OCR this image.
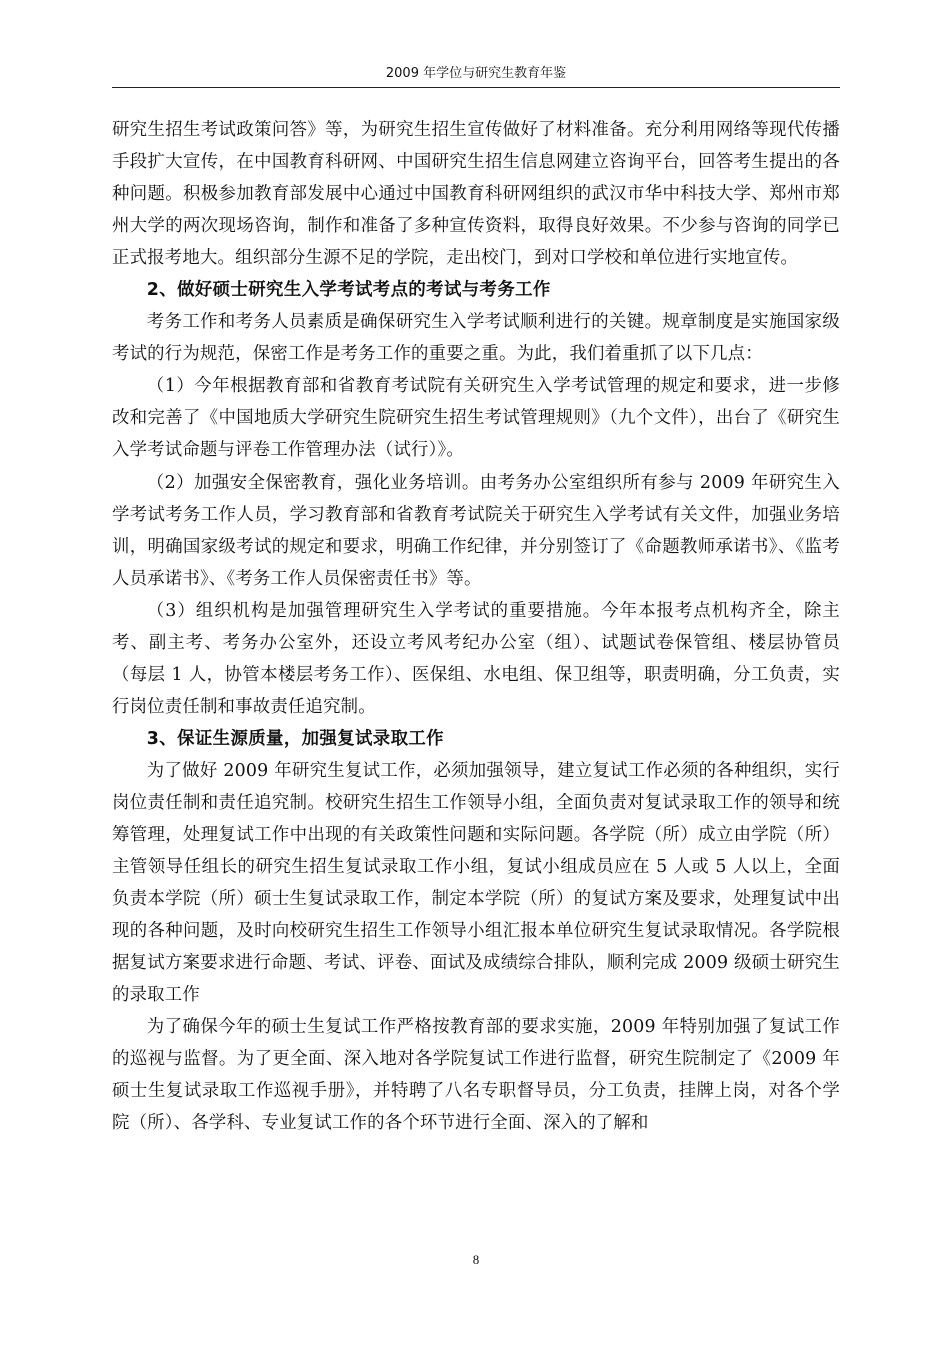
2009 年学位与研究生教育年鉴

研究生招生考试政策问答》等，为研究生招生宣传做好了材料准备。充分利用网络等现代传播手段扩大宣传，在中国教育科研网、中国研究生招生信息网建立咨询平台，回答考生提出的各种问题。积极参加教育部发展中心通过中国教育科研网组织的武汉市华中科技大学、郑州市郑州大学的两次现场咨询，制作和准备了多种宣传资料，取得良好效果。不少参与咨询的同学已正式报考地大。组织部分生源不足的学院，走出校门，到对口学校和单位进行实地宣传。

2、做好硕士研究生入学考试考点的考试与考务工作

考务工作和考务人员素质是确保研究生入学考试顺利进行的关键。规章制度是实施国家级考试的行为规范，保密工作是考务工作的重要之重。为此，我们着重抓了以下几点：

（1）今年根据教育部和省教育考试院有关研究生入学考试管理的规定和要求，进一步修改和完善了《中国地质大学研究生院研究生招生考试管理规则》（九个文件），出台了《研究生入学考试命题与评卷工作管理办法（试行）》。

（2）加强安全保密教育，强化业务培训。由考务办公室组织所有参与 2009 年研究生入学考试考务工作人员，学习教育部和省教育考试院关于研究生入学考试有关文件，加强业务培训，明确国家级考试的规定和要求，明确工作纪律，并分别签订了《命题教师承诺书》、《监考人员承诺书》、《考务工作人员保密责任书》等。

（3）组织机构是加强管理研究生入学考试的重要措施。今年本报考点机构齐全，除主考、副主考、考务办公室外，还设立考风考纪办公室（组）、试题试卷保管组、楼层协管员（每层 1 人，协管本楼层考务工作）、医保组、水电组、保卫组等，职责明确，分工负责，实行岗位责任制和事故责任追究制。

3、保证生源质量，加强复试录取工作

为了做好 2009 年研究生复试工作，必须加强领导，建立复试工作必须的各种组织，实行岗位责任制和责任追究制。校研究生招生工作领导小组，全面负责对复试录取工作的领导和统筹管理，处理复试工作中出现的有关政策性问题和实际问题。各学院（所）成立由学院（所）主管领导任组长的研究生招生复试录取工作小组，复试小组成员应在 5 人或 5 人以上，全面负责本学院（所）硕士生复试录取工作，制定本学院（所）的复试方案及要求，处理复试中出现的各种问题，及时向校研究生招生工作领导小组汇报本单位研究生复试录取情况。各学院根据复试方案要求进行命题、考试、评卷、面试及成绩综合排队，顺利完成 2009 级硕士研究生的录取工作

为了确保今年的硕士生复试工作严格按教育部的要求实施，2009 年特别加强了复试工作的巡视与监督。为了更全面、深入地对各学院复试工作进行监督，研究生院制定了《2009 年硕士生复试录取工作巡视手册》，并特聘了八名专职督导员，分工负责，挂牌上岗，对各个学院（所）、各学科、专业复试工作的各个环节进行全面、深入的了解和

8
